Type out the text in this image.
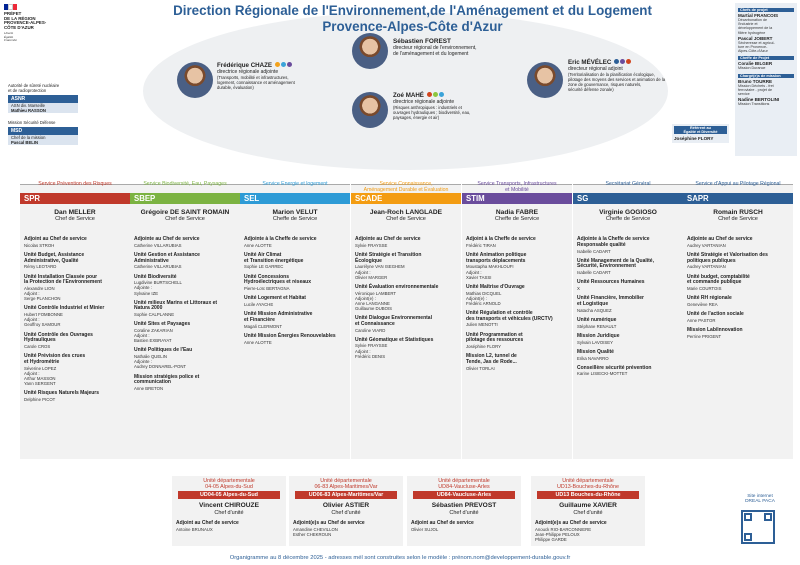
Direction Régionale de l'Environnement,de l'Aménagement et du Logement
Provence-Alpes-Côte d'Azur

PRÉFET
DE LA RÉGION
PROVENCE-ALPES-
CÔTE D'AZUR

Liberté
Égalité
Fraternité
Autorité de sûreté nucléaire
et de radioprotection
ASNR
ASN div. Marseille
Mathieu RASSON
Mission Sécurité Défense
MSD
Chef de la mission
Pascal BELIN
Sébastien FOREST
directeur régional de l'environnement,
de l'aménagement et du logement
Frédérique CHAZE
directrice régionale adjointe
(Transports, mobilité et infrastructures,
logement, connaissance et aménagement
durable, évaluation)
Zoé MAHÉ
directrice régionale adjointe
(Risques anthropiques : industriels et
ouvrages hydrauliques ; biodiversité, eau,
paysages, énergie et air)
Eric MÉVÉLEC
directeur régional adjoint
(Territorialisation de la planification écologique,
pilotage des moyens des services et animation de la
zone de gouvernance, risques naturels,
sécurité défense zonale)
Chefs de projet
Martial FRANCOIS
Décarbonation de
l'industrie et
développement de la
filière hydrogène
Pascal JOBERT
Sécheresse et agricul-
ture en Provence-
Alpes-Côte-d'Azur
Cheffe de Projet
Coralie BILGER
Mission Durance
Chargé(e)s de mission
Bruno TOURRE
Mission Déchets - fret
ferroviaire - projet de
service
Nadine BERTOLINI
Mission Transitions
Référent au
Égalité et Diversité
Joséphine FLORY
Service Prévention des Risques
SPR
Dan MELLER
Chef de Service
Adjoint au Chef de service
Nicolas STROH
Unité Budget, Assistance
Administrative, Qualité
Rémy LEOTARD
Unité Installation Classée pour
la Protection de l'Environnement
Alexandre LION
Adjoint :
Serge PLANCHON
Unité Contrôle Industriel et Minier
Hubert FOMBONNE
Adjoint :
Geoffroy SAMOUR
Unité Contrôle des Ouvrages
Hydrauliques
Carole CROS
Unité Prévision des crues
et Hydrométrie
Séverine LOPEZ
Adjoint :
Arthur MASSON
Yann SERGENT
Unité Risques Naturels Majeurs
Delphine PICOT
Service Biodiversité, Eau, Paysages
SBEP
Grégoire DE SAINT ROMAIN
Chef de Service
Adjointe au Chef de service
Catherine VILLARUBIAS
Unité Gestion et Assistance
Administrative
Catherine VILLARUBIAS
Unité Biodiversité
Lugdivine BURTSCHELL
Adjointe :
Sylvaine IZE
Unité milieux Marins et Littoraux et
Natura 2000
Sophie CALPLANNE
Unité Sites et Paysages
Coraline ZAKARIAN
Adjoint :
Bastien EXBRAYAT
Unité Politiques de l'Eau
Nathalie QUELIN
Adjointe :
Audrey DONNAREL-PONT
Mission stratégies police et
communication
Anne BRETON
Service Energie et logement
SEL
Marion VELUT
Cheffe de Service
Adjointe à la Cheffe de service
Anne ALOTTE
Unité Air Climat
et Transition énergétique
Sophie LE GARREC
Unité Concessions
Hydroélectriques et réseaux
Pierre-Loïc BERTAGNA
Unité Logement et Habitat
Lucile AYACHE
Unité Mission Administrative
et Financière
Magali CLERMONT
Unité Mission Énergies Renouvelables
Anne ALOTTE
Service Connaissance,
Aménagement Durable et Évaluation
SCADE
Jean-Roch LANGLADE
Chef de Service
Adjointe au Chef de service
Sylvie FRAYSSE
Unité Stratégie et Transition
Écologique
Laurélyne VAN ISEGHEM
Adjoint :
Olivier MARGER
Unité Évaluation environnementale
Véronique LAMBERT
Adjoint(e) :
Anne LANGANNE
Guillaume DUBOIS
Unité Dialogue Environnemental
et Connaissance
Caroline VIARD
Unité Géomatique et Statistiques
Sylvie FRAYSSE
Adjoint :
Frédéric DENIS
Service Transports, Infrastructures
et Mobilité
STIM
Nadia FABRE
Cheffe de Service
Adjoint à la Cheffe de service
Frédéric TIRAN
Unité Animation politique
transports déplacements
Moustapha MAKHLOUFI
Adjoint :
Xavier TASSI
Unité Maîtrise d'Ouvrage
Mathias DICQUEL
Adjoint(e) :
Frédéric ARNOLD
Unité Régulation et contrôle
des transports et véhicules (URCTV)
Julien MENOTTI
Unité Programmation et
pilotage des ressources
Joséphine FLORY
Mission L2, tunnel de
Tende, Jas de Rode...
Olivier TORLAI
Secrétariat Général
SG
Virginie GOGIOSO
Cheffe de Service
Adjointe à la Cheffe de service
Responsable qualité
Isabelle CADART
Unité Management de la Qualité,
Sécurité, Environnement
Isabelle CADART
Unité Ressources Humaines
X
Unité Financière, Immobilier
et Logistique
Natacha ASQUEZ
Unité numérique
Stéphane RENAULT
Mission Juridique
Sylvain LAVOISEY
Mission Qualité
Erika NAVARRO
Conseillère sécurité prévention
Karine LISIECKI-MOTTET
Service d'Appui au Pilotage Régional
SAPR
Romain RUSCH
Chef de Service
Adjointe au Chef de service
Audrey VARTANIAN
Unité Stratégie et Valorisation des
politiques publiques
Audrey VARTANIAN
Unité budget, comptabilité
et commande publique
Marie COURTOIS
Unité RH régionale
Geneviève REA
Unité de l'action sociale
Anne PASTOR
Mission Lab/innovation
Perrine PRIGENT
Unité départementale
04-05 Alpes-du-Sud
UD04-05 Alpes-du-Sud
Vincent CHIROUZE
Chef d'unité
Adjoint au Chef de service
Antoine BRUNAUX
Unité départementale
06-83 Alpes-Maritimes/Var
UD06-83 Alpes-Maritimes/Var
Olivier ASTIER
Chef d'unité
Adjoint(e)s au Chef de service
Amandine CHEVILLON
Esther CHEKROUN
Unité départementale
UD84-Vaucluse-Arles
UD84-Vaucluse-Arles
Sébastien PREVOST
Chef d'unité
Adjoint au Chef de service
Olivier SUJOL
Unité départementale
UD13-Bouches-du-Rhône
UD13 Bouches-du-Rhône
Guillaume XAVIER
Chef d'unité
Adjoint(e)s au Chef de service
Anouck RIO-BARCONNIERE
Jean-Philippe PELOUX
Philippe GARDE
Site internet
DREAL PACA
Organigramme au 8 décembre 2025 - adresses mél sont construites selon le modèle : prénom.nom@developpement-durable.gouv.fr
